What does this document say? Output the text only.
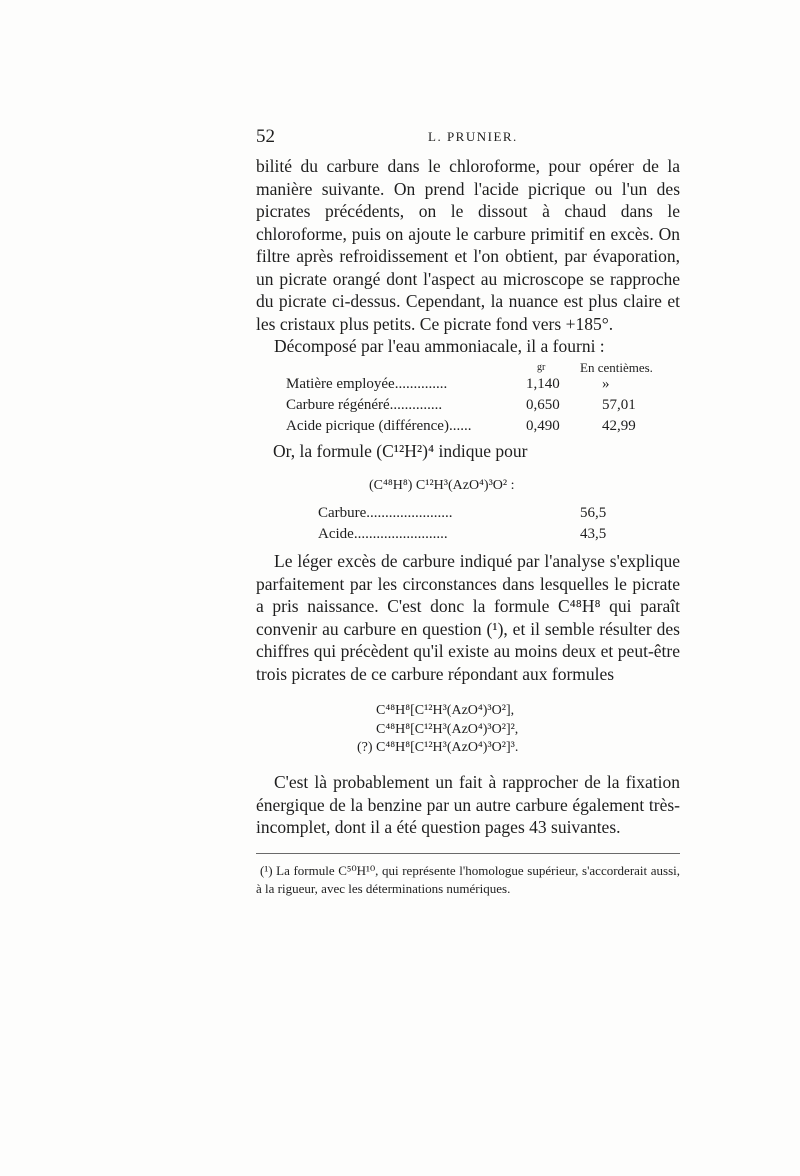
52	L. PRUNIER.

bilité du carbure dans le chloroforme, pour opérer de la manière suivante. On prend l'acide picrique ou l'un des picrates précédents, on le dissout à chaud dans le chloroforme, puis on ajoute le carbure primitif en excès. On filtre après refroidissement et l'on obtient, par évaporation, un picrate orangé dont l'aspect au microscope se rapproche du picrate ci-dessus. Cependant, la nuance est plus claire et les cristaux plus petits. Ce picrate fond vers +185°.

Décomposé par l'eau ammoniacale, il a fourni :

gr	En centièmes.
Matière employée..............	1,140	»
Carbure régénéré..............	0,650	57,01
Acide picrique (différence)......	0,490	42,99
Or, la formule (C¹²H²)⁴ indique pour
(C⁴⁸H⁸) C¹²H³(AzO⁴)³O² :
Carbure.......................	56,5
Acide.........................	43,5

Le léger excès de carbure indiqué par l'analyse s'explique parfaitement par les circonstances dans lesquelles le picrate a pris naissance. C'est donc la formule C⁴⁸H⁸ qui paraît convenir au carbure en question (¹), et il semble résulter des chiffres qui précèdent qu'il existe au moins deux et peut-être trois picrates de ce carbure répondant aux formules

C⁴⁸H⁸[C¹²H³(AzO⁴)³O²],
C⁴⁸H⁸[C¹²H³(AzO⁴)³O²]²,
(?) C⁴⁸H⁸[C¹²H³(AzO⁴)³O²]³.

C'est là probablement un fait à rapprocher de la fixation énergique de la benzine par un autre carbure également très-incomplet, dont il a été question pages 43 suivantes.

(¹) La formule C⁵⁰H¹⁰, qui représente l'homologue supérieur, s'accorderait aussi, à la rigueur, avec les déterminations numériques.
